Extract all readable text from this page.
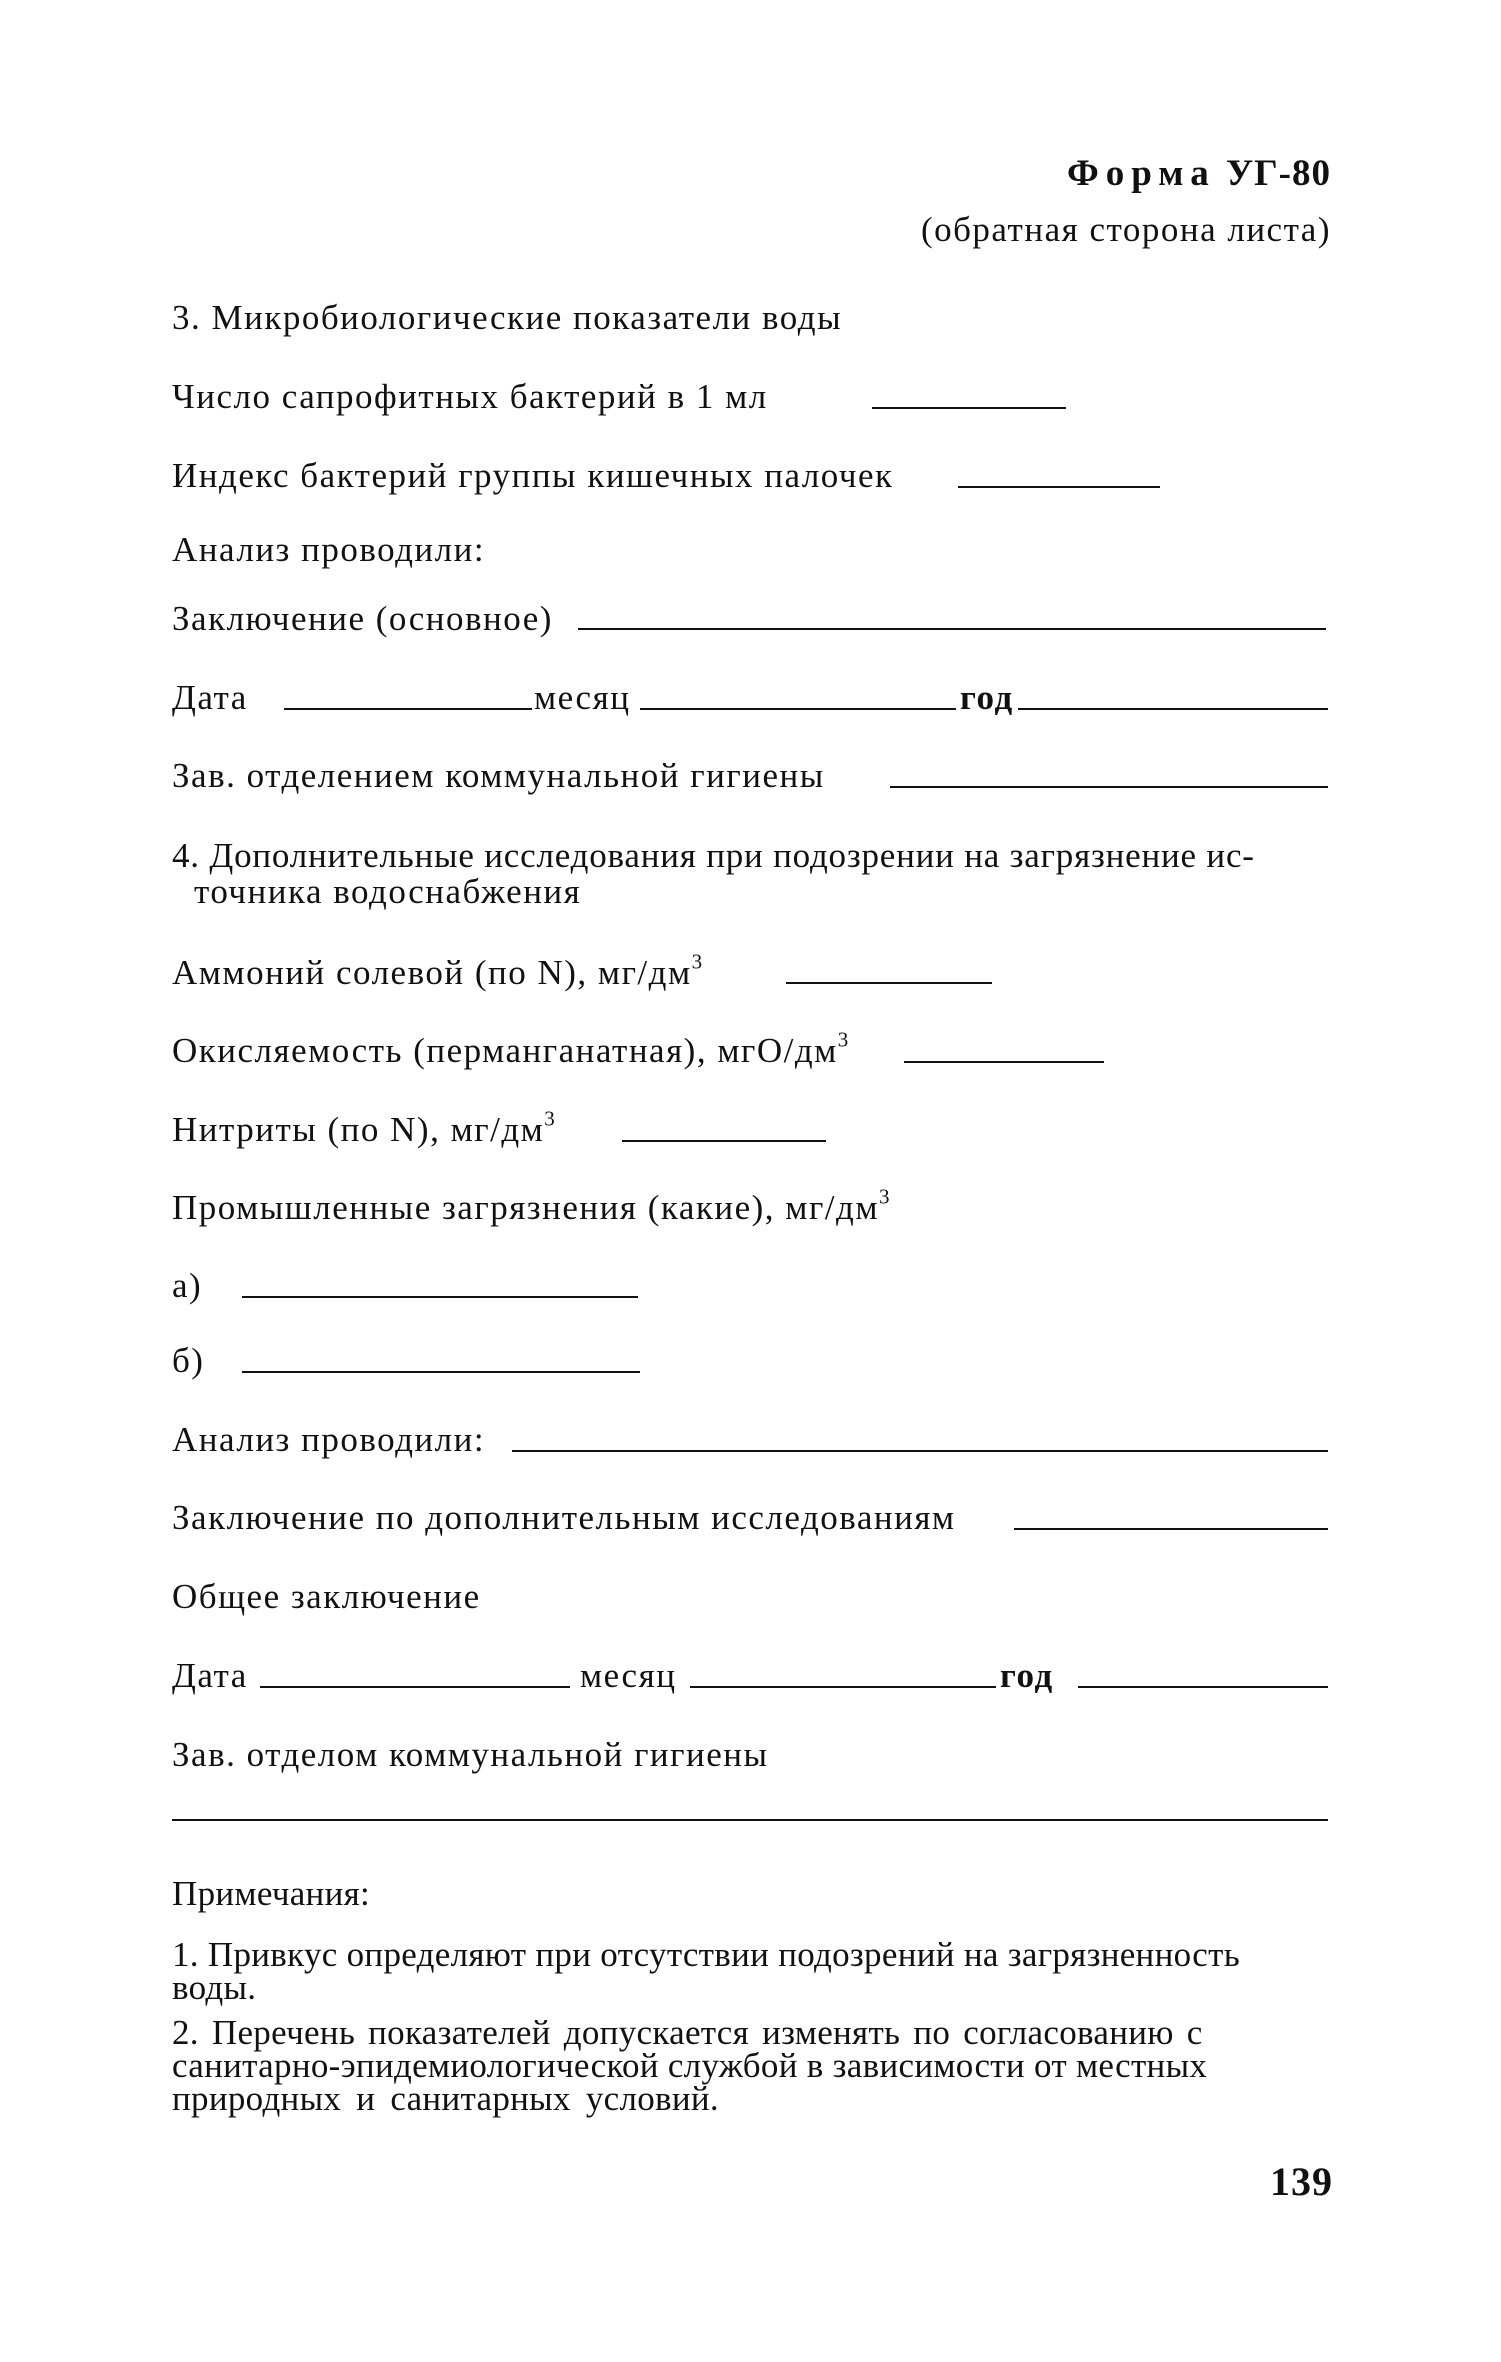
Форма УГ-80
(обратная сторона листа)
3. Микробиологические показатели воды
Число сапрофитных бактерий в 1 мл
Индекс бактерий группы кишечных палочек
Анализ проводили:
Заключение (основное)
Дата	месяц	год
Зав. отделением коммунальной гигиены
4. Дополнительные исследования при подозрении на загрязнение ис-
точника водоснабжения
Аммоний солевой (по N), $мг/дм^3$
Окисляемость (перманганатная), мгО/$дм^3$
Нитриты (по N), $мг/дм^3$
Промышленные загрязнения (какие), $мг/дм^3$
а)
б)
Анализ проводили:
Заключение по дополнительным исследованиям
Общее заключение
Дата	месяц	год
Зав. отделом коммунальной гигиены
Примечания:
1. Привкус определяют при отсутствии подозрений на загрязненность
воды.
2. Перечень показателей допускается изменять по согласованию с
санитарно-эпидемиологической службой в зависимости от местных
природных и санитарных условий.
139
